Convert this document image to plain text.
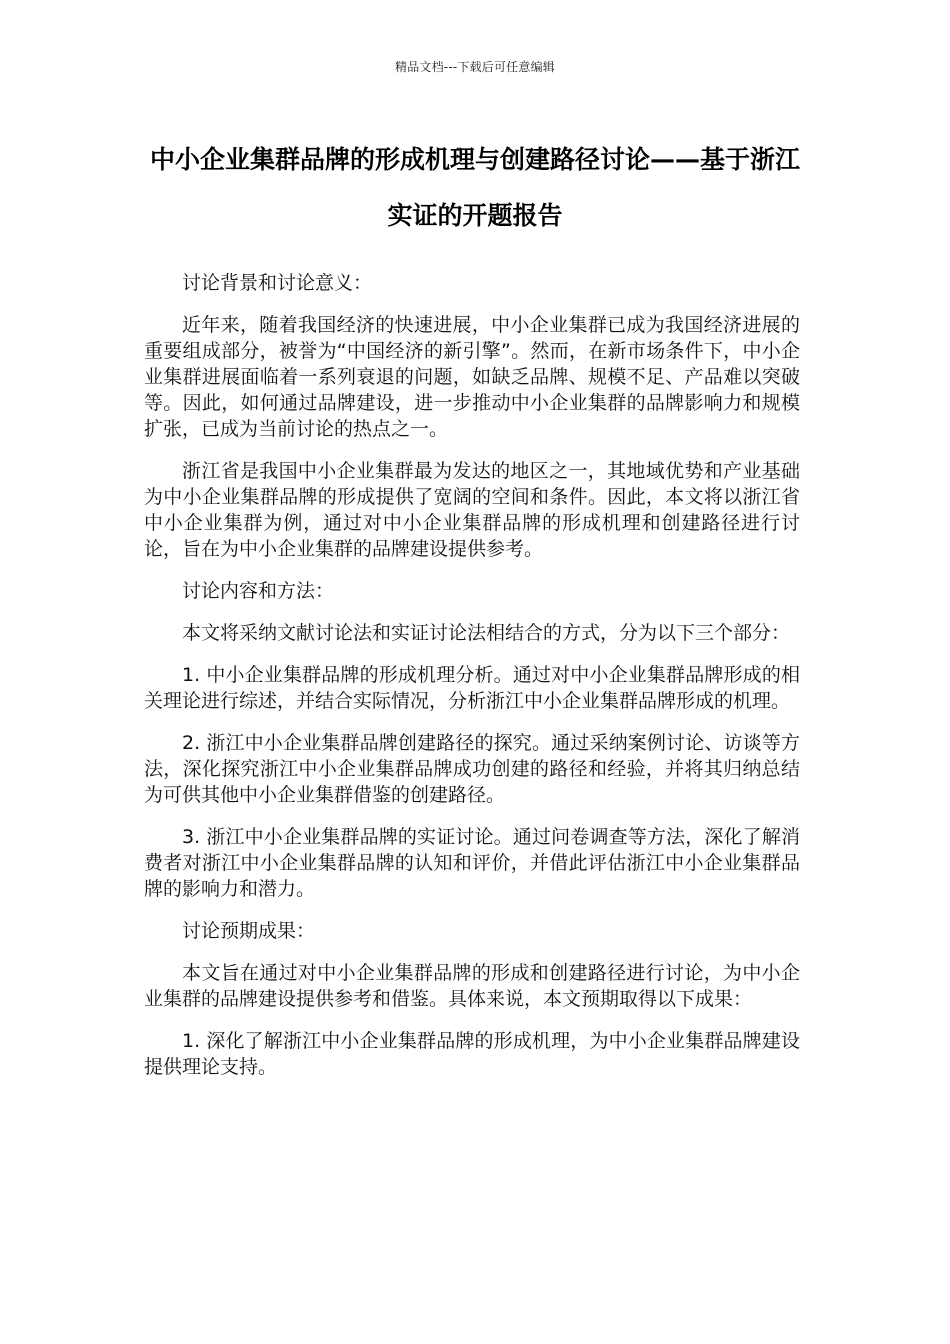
精品文档---下载后可任意编辑
中小企业集群品牌的形成机理与创建路径讨论——基于浙江实证的开题报告

讨论背景和讨论意义：

近年来，随着我国经济的快速进展，中小企业集群已成为我国经济进展的重要组成部分，被誉为“中国经济的新引擎”。然而，在新市场条件下，中小企业集群进展面临着一系列衰退的问题，如缺乏品牌、规模不足、产品难以突破等。因此，如何通过品牌建设，进一步推动中小企业集群的品牌影响力和规模扩张，已成为当前讨论的热点之一。

浙江省是我国中小企业集群最为发达的地区之一，其地域优势和产业基础为中小企业集群品牌的形成提供了宽阔的空间和条件。因此，本文将以浙江省中小企业集群为例，通过对中小企业集群品牌的形成机理和创建路径进行讨论，旨在为中小企业集群的品牌建设提供参考。

讨论内容和方法：

本文将采纳文献讨论法和实证讨论法相结合的方式，分为以下三个部分：

1. 中小企业集群品牌的形成机理分析。通过对中小企业集群品牌形成的相关理论进行综述，并结合实际情况，分析浙江中小企业集群品牌形成的机理。

2. 浙江中小企业集群品牌创建路径的探究。通过采纳案例讨论、访谈等方法，深化探究浙江中小企业集群品牌成功创建的路径和经验，并将其归纳总结为可供其他中小企业集群借鉴的创建路径。

3. 浙江中小企业集群品牌的实证讨论。通过问卷调查等方法，深化了解消费者对浙江中小企业集群品牌的认知和评价，并借此评估浙江中小企业集群品牌的影响力和潜力。

讨论预期成果：

本文旨在通过对中小企业集群品牌的形成和创建路径进行讨论，为中小企业集群的品牌建设提供参考和借鉴。具体来说，本文预期取得以下成果：

1. 深化了解浙江中小企业集群品牌的形成机理，为中小企业集群品牌建设提供理论支持。
